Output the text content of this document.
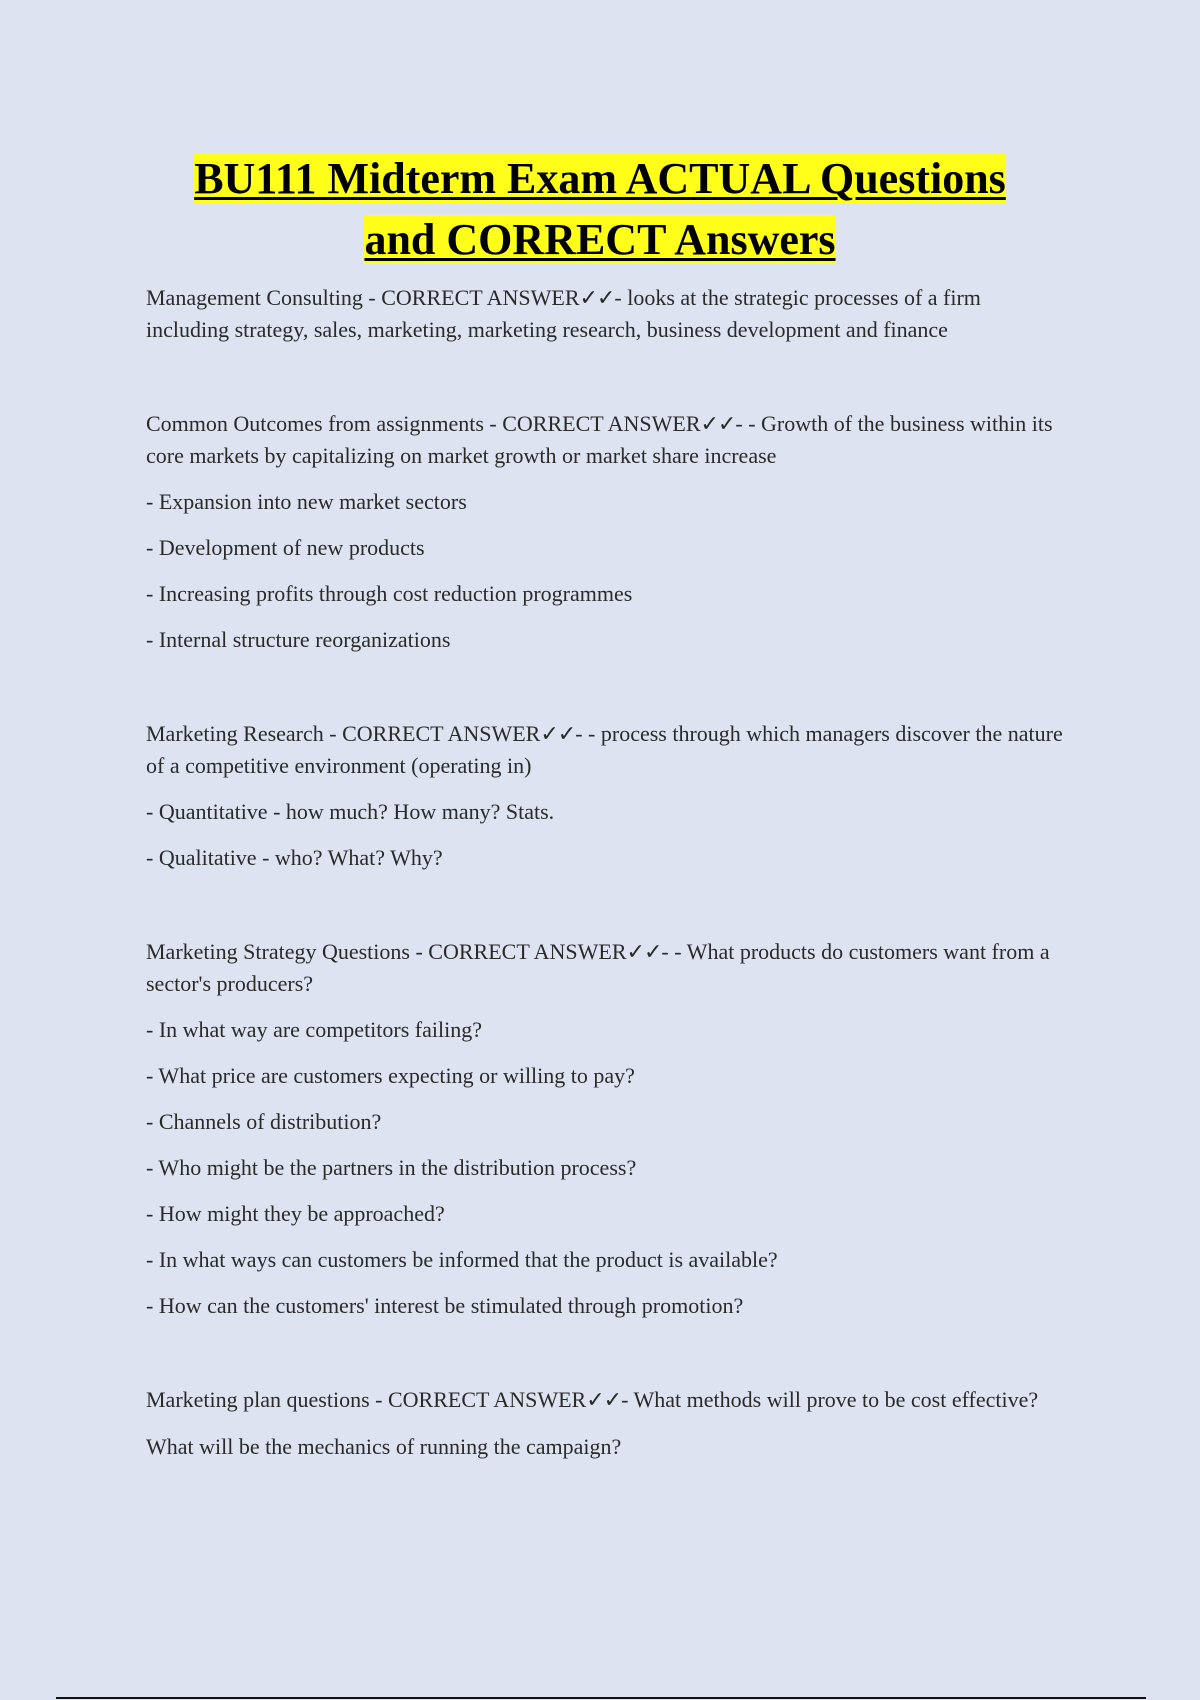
BU111 Midterm Exam ACTUAL Questions
and CORRECT Answers

Management Consulting - CORRECT ANSWER✓✓- looks at the strategic processes of a firm including strategy, sales, marketing, marketing research, business development and finance

Common Outcomes from assignments - CORRECT ANSWER✓✓- - Growth of the business within its core markets by capitalizing on market growth or market share increase

- Expansion into new market sectors

- Development of new products

- Increasing profits through cost reduction programmes

- Internal structure reorganizations

Marketing Research - CORRECT ANSWER✓✓- - process through which managers discover the nature of a competitive environment (operating in)

- Quantitative - how much? How many? Stats.

- Qualitative - who? What? Why?

Marketing Strategy Questions - CORRECT ANSWER✓✓- - What products do customers want from a sector's producers?

- In what way are competitors failing?

- What price are customers expecting or willing to pay?

- Channels of distribution?

- Who might be the partners in the distribution process?

- How might they be approached?

- In what ways can customers be informed that the product is available?

- How can the customers' interest be stimulated through promotion?

Marketing plan questions - CORRECT ANSWER✓✓- What methods will prove to be cost effective?

What will be the mechanics of running the campaign?
